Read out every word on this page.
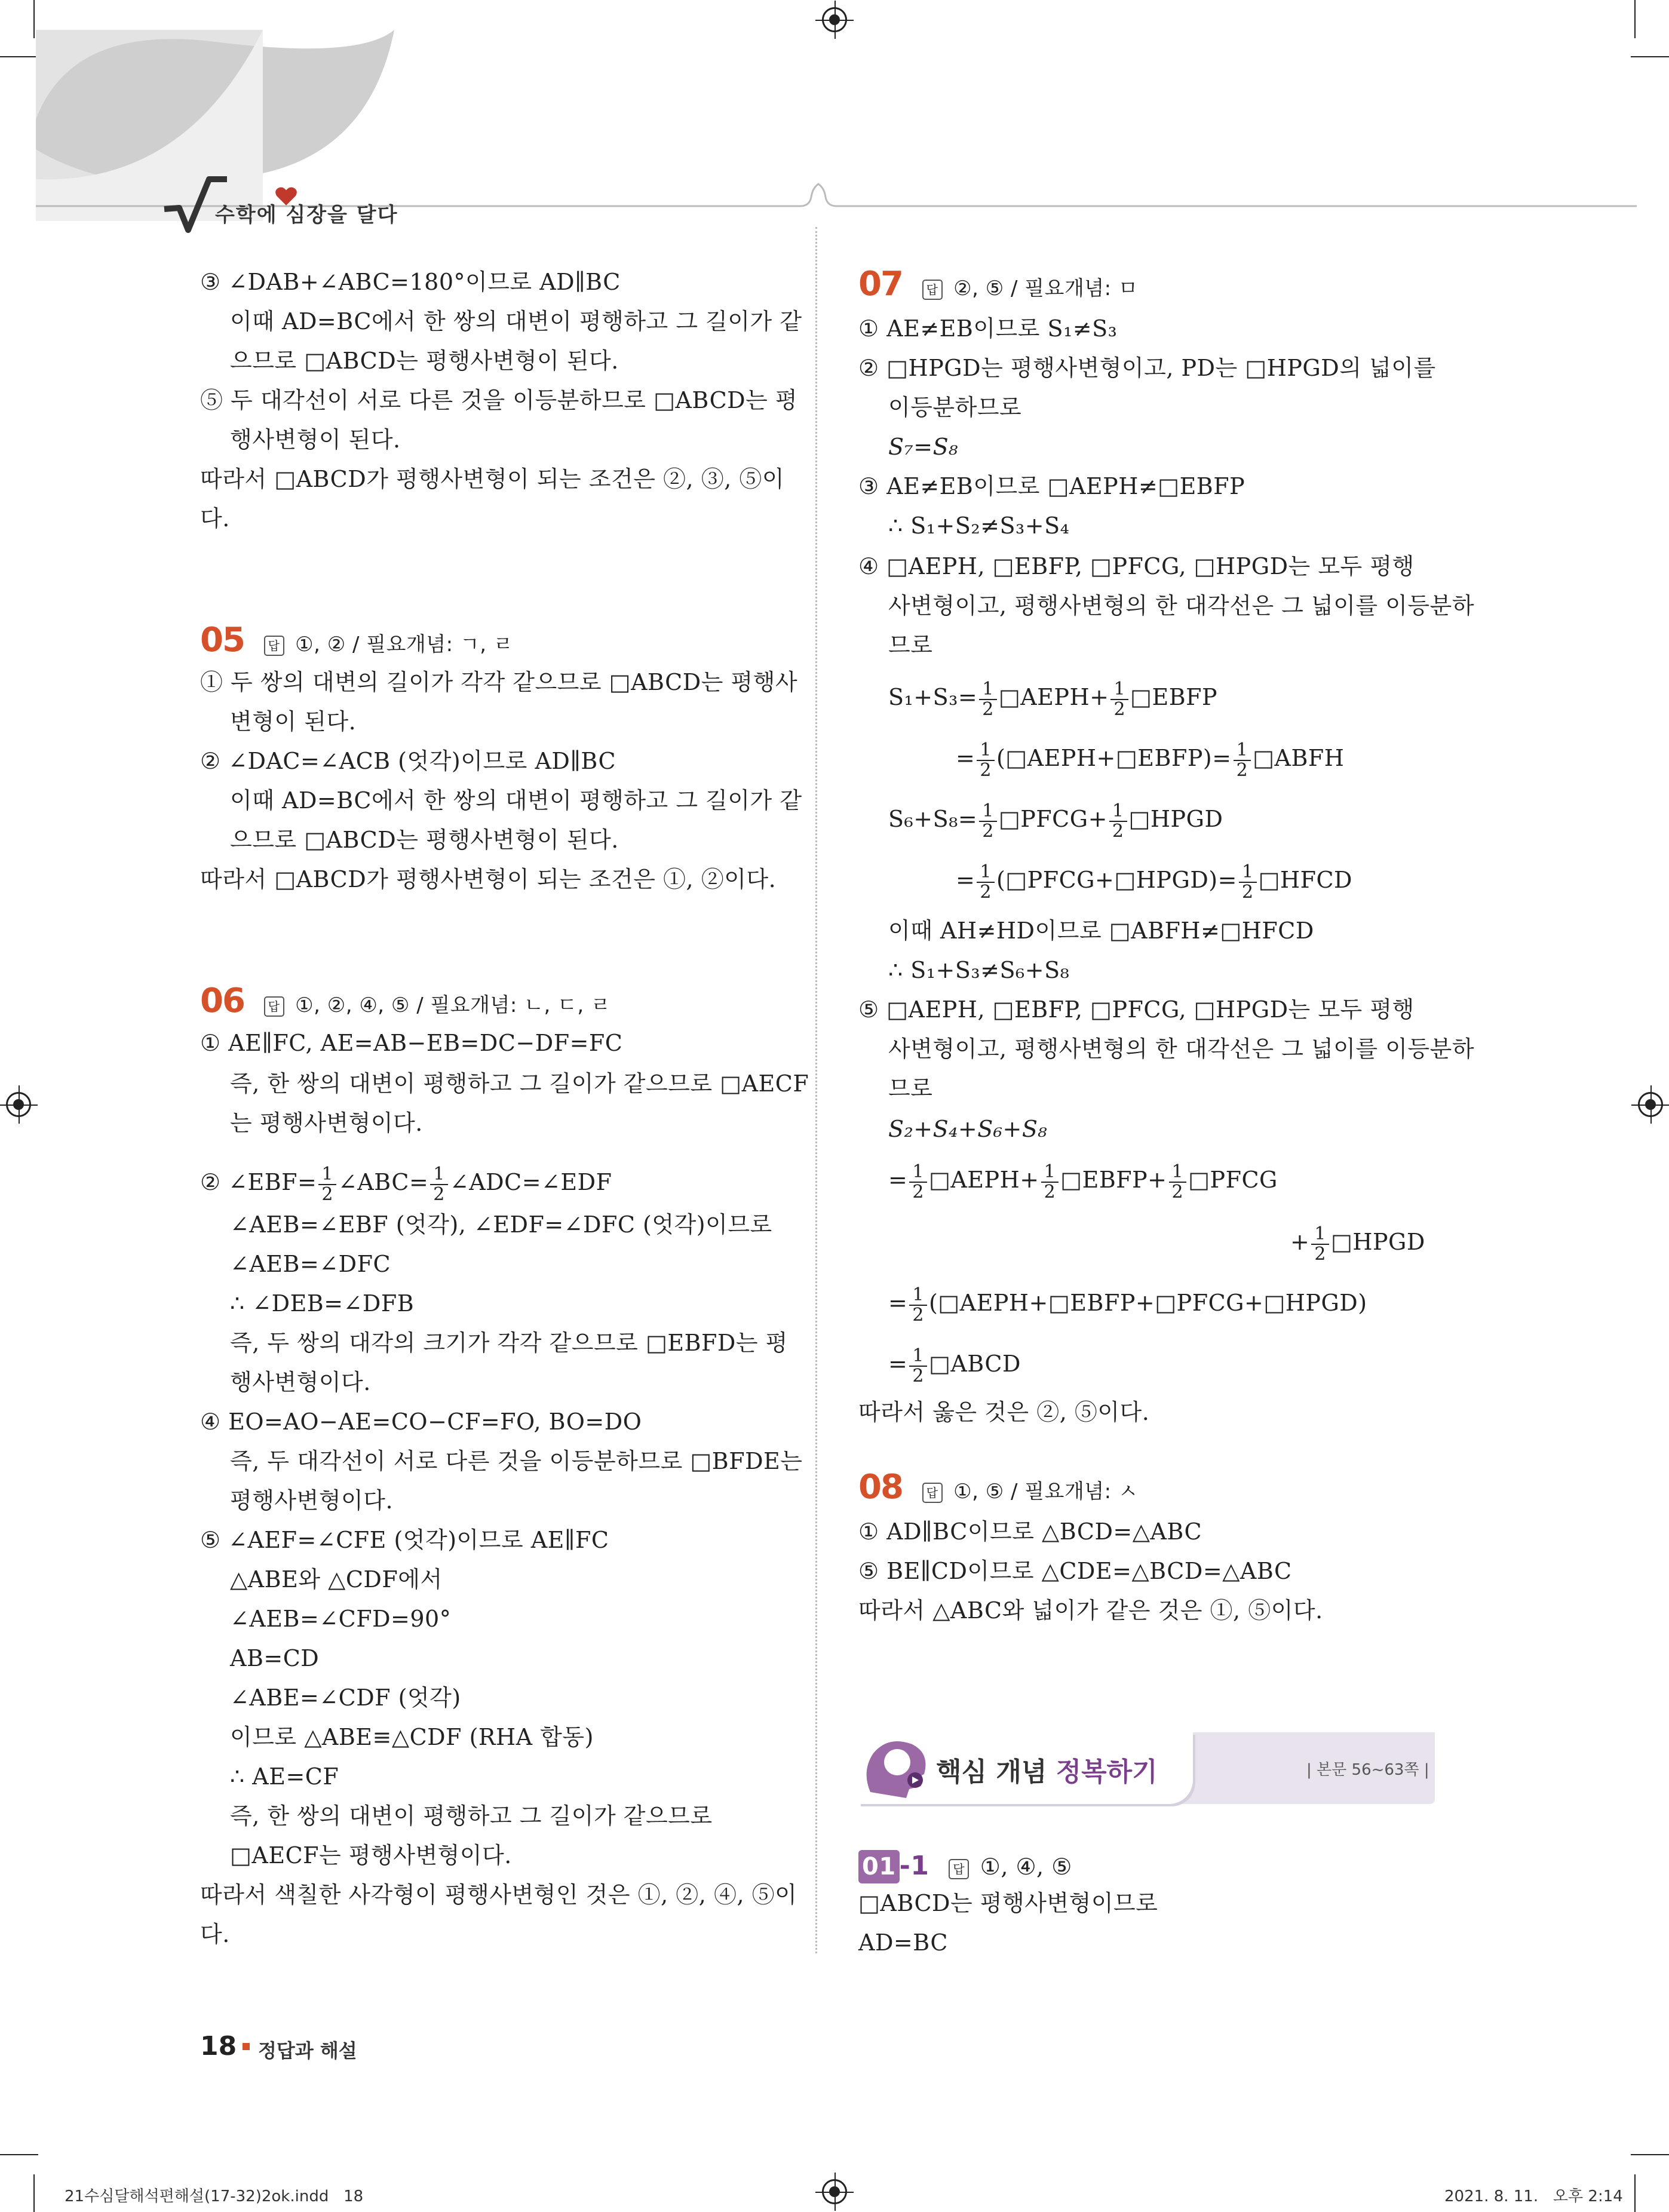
수학에 심장을 달다
③ ∠DAB+∠ABC=180°이므로 AD∥BC
이때 AD=BC에서 한 쌍의 대변이 평행하고 그 길이가 같
으므로 □ABCD는 평행사변형이 된다.
⑤ 두 대각선이 서로 다른 것을 이등분하므로 □ABCD는 평
행사변형이 된다.
따라서 □ABCD가 평행사변형이 되는 조건은 ②, ③, ⑤이
다.
05 답 ①, ② / 필요개념: ㄱ, ㄹ
① 두 쌍의 대변의 길이가 각각 같으므로 □ABCD는 평행사
변형이 된다.
② ∠DAC=∠ACB (엇각)이므로 AD∥BC
이때 AD=BC에서 한 쌍의 대변이 평행하고 그 길이가 같
으므로 □ABCD는 평행사변형이 된다.
따라서 □ABCD가 평행사변형이 되는 조건은 ①, ②이다.
06 답 ①, ②, ④, ⑤ / 필요개념: ㄴ, ㄷ, ㄹ
① AE∥FC, AE=AB−EB=DC−DF=FC
즉, 한 쌍의 대변이 평행하고 그 길이가 같으므로 □AECF
는 평행사변형이다.
② ∠EBF= $\frac{1}{2}$ ∠ABC= $\frac{1}{2}$ ∠ADC=∠EDF
∠AEB=∠EBF (엇각), ∠EDF=∠DFC (엇각)이므로
∠AEB=∠DFC
∴ ∠DEB=∠DFB
즉, 두 쌍의 대각의 크기가 각각 같으므로 □EBFD는 평
행사변형이다.
④ EO=AO−AE=CO−CF=FO, BO=DO
즉, 두 대각선이 서로 다른 것을 이등분하므로 □BFDE는
평행사변형이다.
⑤ ∠AEF=∠CFE (엇각)이므로 AE∥FC
△ABE와 △CDF에서
∠AEB=∠CFD=90°
AB=CD
∠ABE=∠CDF (엇각)
이므로 △ABE≡△CDF (RHA 합동)
∴ AE=CF
즉, 한 쌍의 대변이 평행하고 그 길이가 같으므로
□AECF는 평행사변형이다.
따라서 색칠한 사각형이 평행사변형인 것은 ①, ②, ④, ⑤이
다.
07 답 ②, ⑤ / 필요개념: ㅁ
① AE≠EB이므로 S₁≠S₃
② □HPGD는 평행사변형이고, PD는 □HPGD의 넓이를
이등분하므로
S₇=S₈
③ AE≠EB이므로 □AEPH≠□EBFP
∴ S₁+S₂≠S₃+S₄
④ □AEPH, □EBFP, □PFCG, □HPGD는 모두 평행
사변형이고, 평행사변형의 한 대각선은 그 넓이를 이등분하
므로
$S_1+S_3= \frac{1}{2}$ □AEPH+ $\frac{1}{2}$ □EBFP
= $\frac{1}{2}$ (□AEPH+□EBFP)= $\frac{1}{2}$ □ABFH
$S_6+S_8= \frac{1}{2}$ □PFCG+ $\frac{1}{2}$ □HPGD
= $\frac{1}{2}$ (□PFCG+□HPGD)= $\frac{1}{2}$ □HFCD
이때 AH≠HD이므로 □ABFH≠□HFCD
∴ S₁+S₃≠S₆+S₈
⑤ □AEPH, □EBFP, □PFCG, □HPGD는 모두 평행
사변형이고, 평행사변형의 한 대각선은 그 넓이를 이등분하
므로
S₂+S₄+S₆+S₈
= $\frac{1}{2}$ □AEPH+ $\frac{1}{2}$ □EBFP+ $\frac{1}{2}$ □PFCG
+ $\frac{1}{2}$ □HPGD
= $\frac{1}{2}$ (□AEPH+□EBFP+□PFCG+□HPGD)
= $\frac{1}{2}$ □ABCD
따라서 옳은 것은 ②, ⑤이다.
08 답 ①, ⑤ / 필요개념: ㅅ
① AD∥BC이므로 △BCD=△ABC
⑤ BE∥CD이므로 △CDE=△BCD=△ABC
따라서 △ABC와 넓이가 같은 것은 ①, ⑤이다.
핵심 개념 정복하기	| 본문 56~63쪽 |
01 -1 답 ①, ④, ⑤
□ABCD는 평행사변형이므로
AD=BC
18 정답과 해설
21수심달해석편해설(17-32)2ok.indd   18	2021. 8. 11.   오후 2:14
